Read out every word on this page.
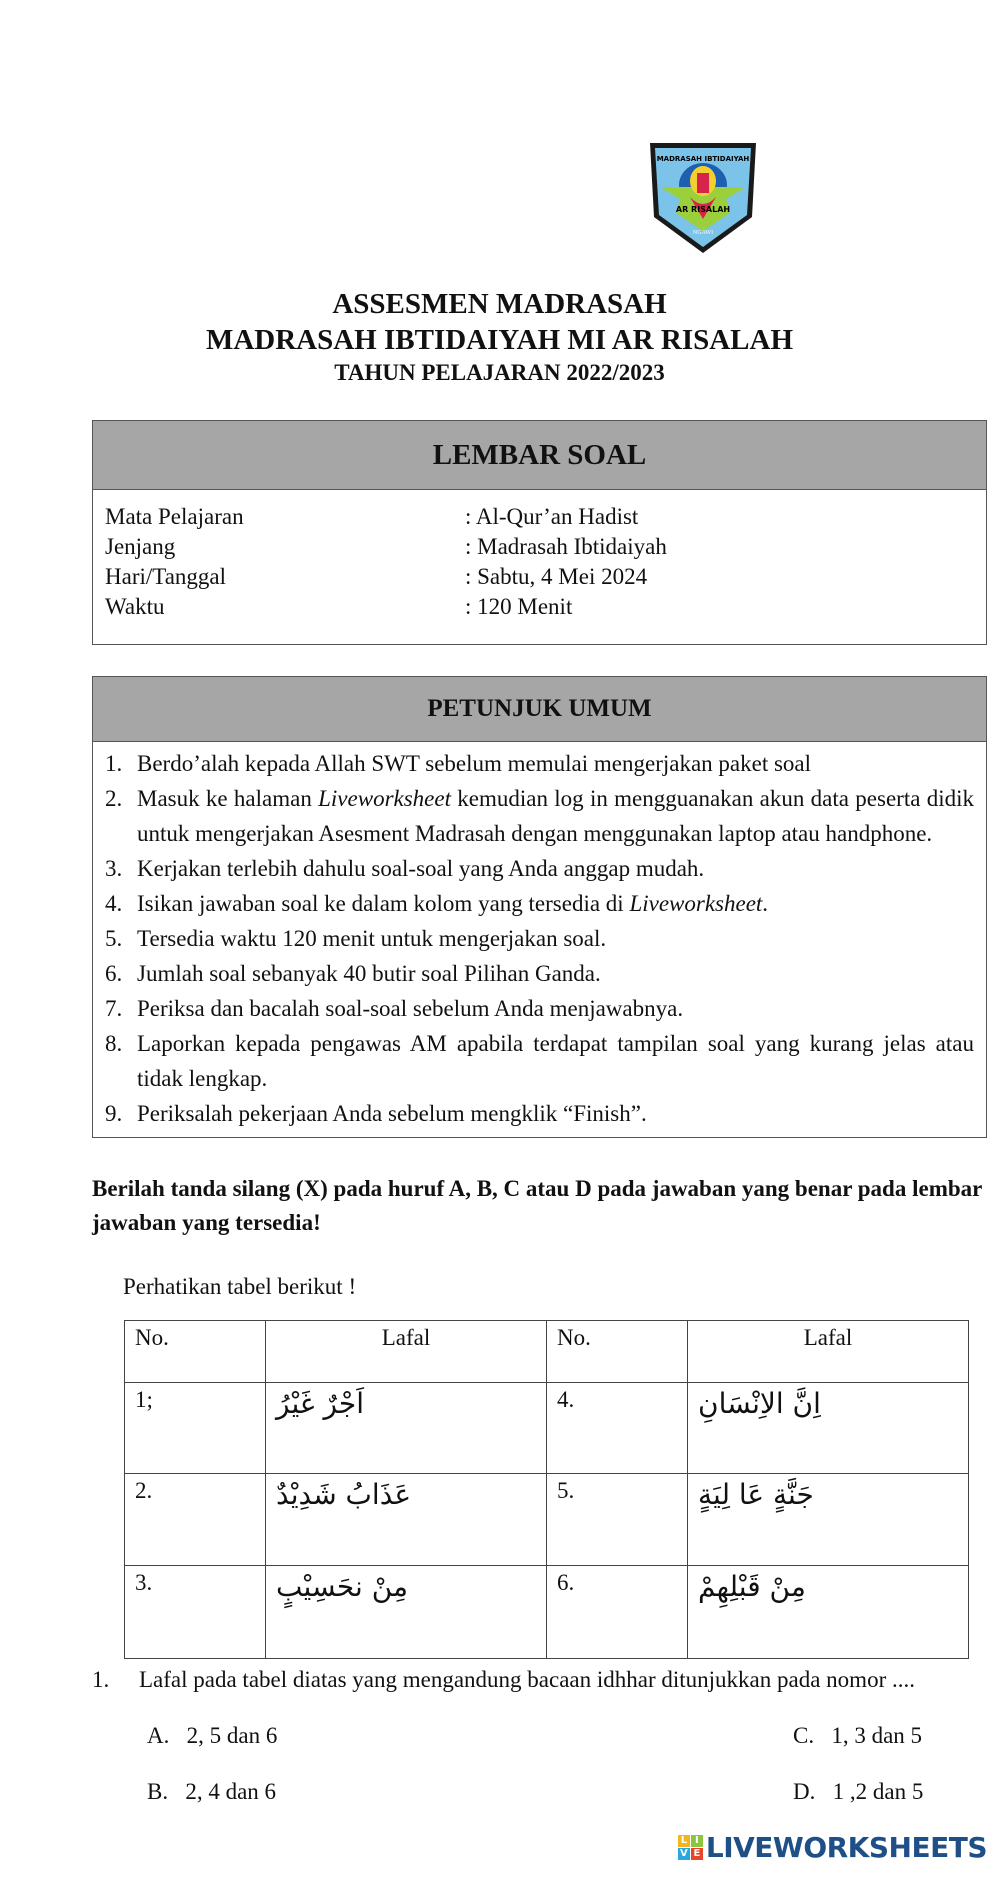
MADRASAH IBTIDAIYAH
AR RISALAH
NGAWI
ASSESMEN MADRASAH
MADRASAH IBTIDAIYAH MI AR RISALAH
TAHUN PELAJARAN 2022/2023
LEMBAR SOAL
Mata Pelajaran	: Al-Qur’an Hadist
Jenjang	: Madrasah Ibtidaiyah
Hari/Tanggal	: Sabtu, 4 Mei 2024
Waktu	: 120 Menit
PETUNJUK UMUM
1. Berdo’alah kepada Allah SWT sebelum memulai mengerjakan paket soal
2. Masuk ke halaman Liveworksheet kemudian log in mengguanakan akun data peserta didik untuk mengerjakan Asesment Madrasah dengan menggunakan laptop atau handphone.
3. Kerjakan terlebih dahulu soal-soal yang Anda anggap mudah.
4. Isikan jawaban soal ke dalam kolom yang tersedia di Liveworksheet.
5. Tersedia waktu 120 menit untuk mengerjakan soal.
6. Jumlah soal sebanyak 40 butir soal Pilihan Ganda.
7. Periksa dan bacalah soal-soal sebelum Anda menjawabnya.
8. Laporkan kepada pengawas AM apabila terdapat tampilan soal yang kurang jelas atau tidak lengkap.
9. Periksalah pekerjaan Anda sebelum mengklik “Finish”.
Berilah tanda silang (X) pada huruf A, B, C atau D pada jawaban yang benar pada lembar jawaban yang tersedia!
Perhatikan tabel berikut !
No.	Lafal	No.	Lafal
1;	اَجْرٌ غَيْرُ	4.	اِنَّ الاِنْسَانِ
2.	عَذَابُ شَدِيْدٌ	5.	جَنَّةٍ عَا لِيَةٍ
3.	مِنْ نحَسِيْبٍ	6.	مِنْ قَبْلِهِمْ
1.	Lafal pada tabel diatas yang mengandung bacaan idhhar ditunjukkan pada nomor ....
A. 2, 5 dan 6	C. 1, 3 dan 5
B. 2, 4 dan 6	D. 1 ,2 dan 5
L I
V E LIVEWORKSHEETS
